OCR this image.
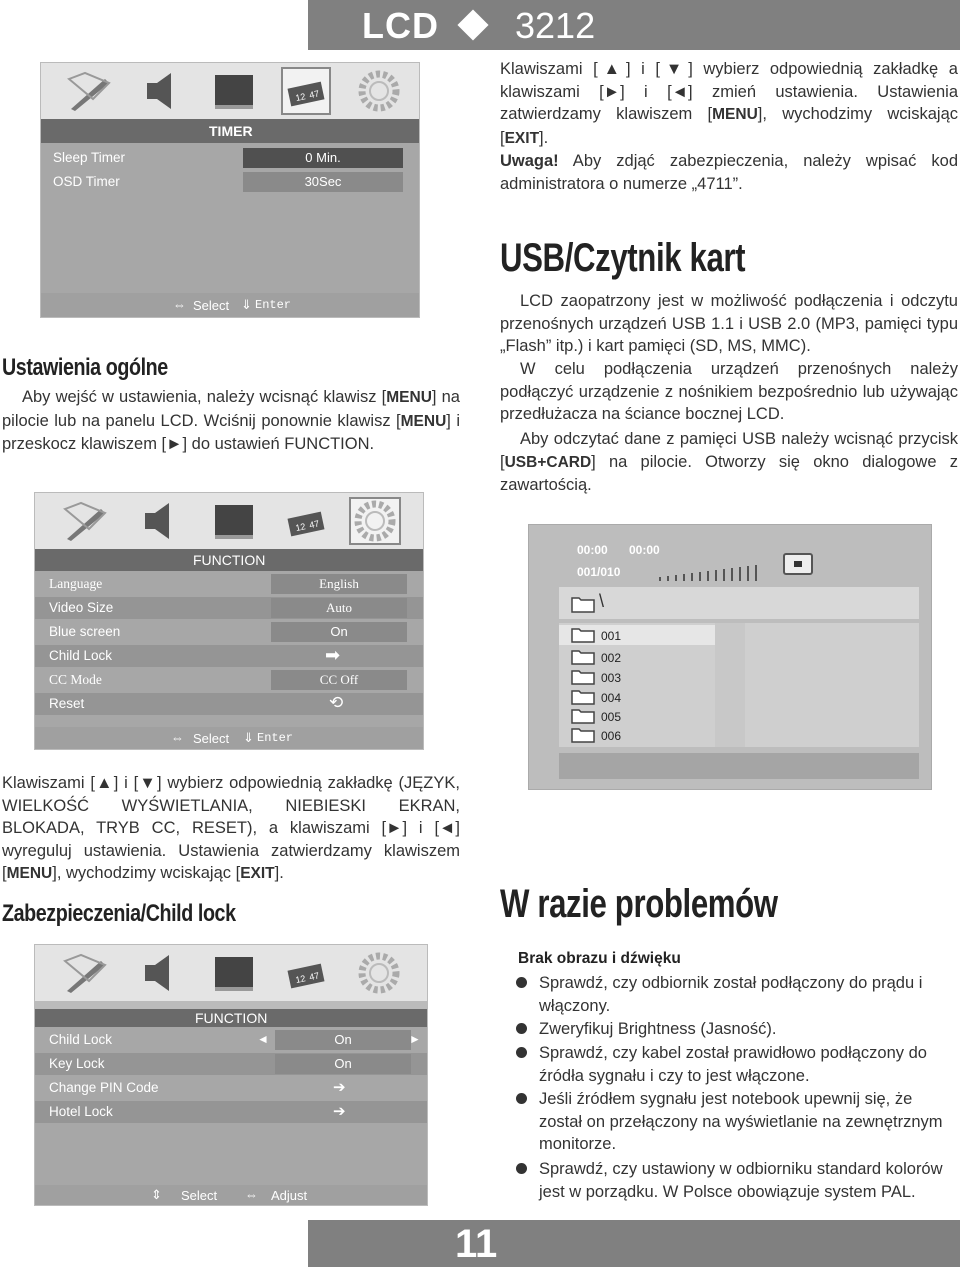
LCD 3212
12 47
TIMER
Sleep Timer	0 Min.
OSD Timer	30Sec
⇔ Select ⇓ Enter
Klawiszami [▲] i [▼] wybierz odpowiednią zakładkę a klawiszami [►] i [◄] zmień ustawienia. Ustawienia zatwierdzamy klawiszem [MENU], wychodzimy wciskając [EXIT].
Uwaga! Aby zdjąć zabezpieczenia, należy wpisać kod administratora o numerze „4711”.
USB/Czytnik kart
LCD zaopatrzony jest w możliwość podłączenia i odczytu przenośnych urządzeń USB 1.1 i USB 2.0 (MP3, pamięci typu „Flash” itp.) i kart pamięci (SD, MS, MMC).
W celu podłączenia urządzeń przenośnych należy podłączyć urządzenie z nośnikiem bezpośrednio lub używając przedłużacza na ściance bocznej LCD.
Aby odczytać dane z pamięci USB należy wcisnąć przycisk [USB+CARD] na pilocie. Otworzy się okno dialogowe z zawartością.
Ustawienia ogólne
Aby wejść w ustawienia, należy wcisnąć klawisz [MENU] na pilocie lub na panelu LCD. Wciśnij ponownie klawisz [MENU] i przeskocz klawiszem [►] do ustawień FUNCTION.
12 47
FUNCTION
Language	English
Video Size	Auto
Blue screen	On
Child Lock	➡
CC Mode	CC Off
Reset	⟲
⇔ Select ⇓ Enter
00:00 00:00
001/010
\
001
002
003
004
005
006
Klawiszami [▲] i [▼] wybierz odpowiednią zakładkę (JĘZYK, WIELKOŚĆ WYŚWIETLANIA, NIEBIESKI EKRAN, BLOKADA, TRYB CC, RESET), a klawiszami [►] i [◄] wyreguluj ustawienia. Ustawienia zatwierdzamy klawiszem [MENU], wychodzimy wciskając [EXIT].
Zabezpieczenia/Child lock
12 47
FUNCTION
Child Lock	◄	On	►
Key Lock	On
Change PIN Code	➔
Hotel Lock	➔
⇕ Select ⇔ Adjust
W razie problemów
Brak obrazu i dźwięku
Sprawdź, czy odbiornik został podłączony do prądu i włączony.
Zweryfikuj Brightness (Jasność).
Sprawdź, czy kabel został prawidłowo podłączony do źródła sygnału i czy to jest włączone.
Jeśli źródłem sygnału jest notebook upewnij się, że został on przełączony na wyświetlanie na zewnętrznym monitorze.
Sprawdź, czy ustawiony w odbiorniku standard kolorów jest w porządku. W Polsce obowiązuje system PAL.
11
